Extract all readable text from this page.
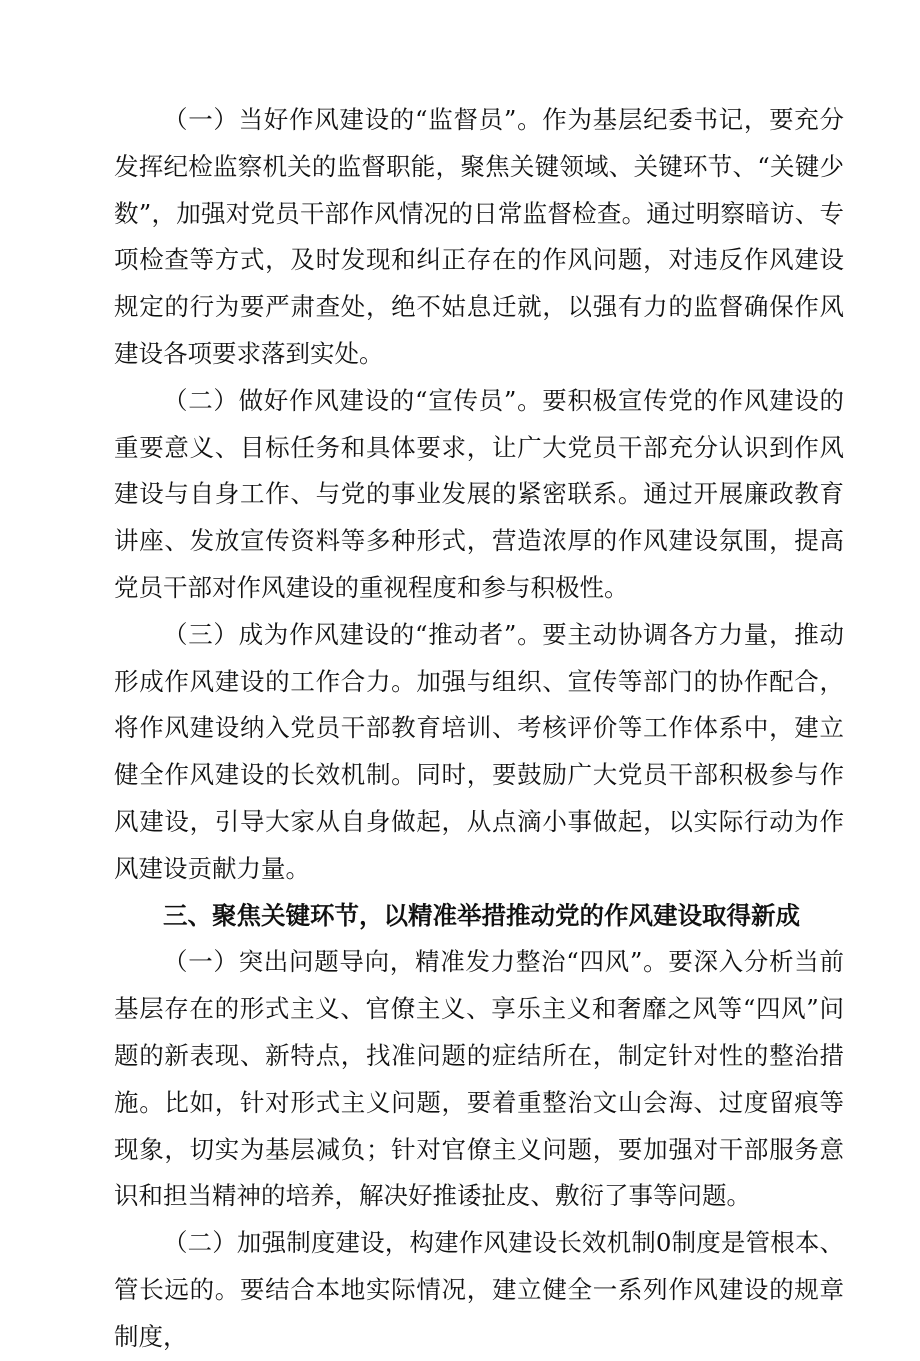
（一）当好作风建设的“监督员”。作为基层纪委书记，要充分发挥纪检监察机关的监督职能，聚焦关键领域、关键环节、“关键少数”，加强对党员干部作风情况的日常监督检查。通过明察暗访、专项检查等方式，及时发现和纠正存在的作风问题，对违反作风建设规定的行为要严肃查处，绝不姑息迁就，以强有力的监督确保作风建设各项要求落到实处。

（二）做好作风建设的“宣传员”。要积极宣传党的作风建设的重要意义、目标任务和具体要求，让广大党员干部充分认识到作风建设与自身工作、与党的事业发展的紧密联系。通过开展廉政教育讲座、发放宣传资料等多种形式，营造浓厚的作风建设氛围，提高党员干部对作风建设的重视程度和参与积极性。

（三）成为作风建设的“推动者”。要主动协调各方力量，推动形成作风建设的工作合力。加强与组织、宣传等部门的协作配合，将作风建设纳入党员干部教育培训、考核评价等工作体系中，建立健全作风建设的长效机制。同时，要鼓励广大党员干部积极参与作风建设，引导大家从自身做起，从点滴小事做起，以实际行动为作风建设贡献力量。

三、聚焦关键环节，以精准举措推动党的作风建设取得新成

（一）突出问题导向，精准发力整治“四风”。要深入分析当前基层存在的形式主义、官僚主义、享乐主义和奢靡之风等“四风”问题的新表现、新特点，找准问题的症结所在，制定针对性的整治措施。比如，针对形式主义问题，要着重整治文山会海、过度留痕等现象，切实为基层减负；针对官僚主义问题，要加强对干部服务意识和担当精神的培养，解决好推诿扯皮、敷衍了事等问题。

（二）加强制度建设，构建作风建设长效机制0制度是管根本、管长远的。要结合本地实际情况，建立健全一系列作风建设的规章制度，
